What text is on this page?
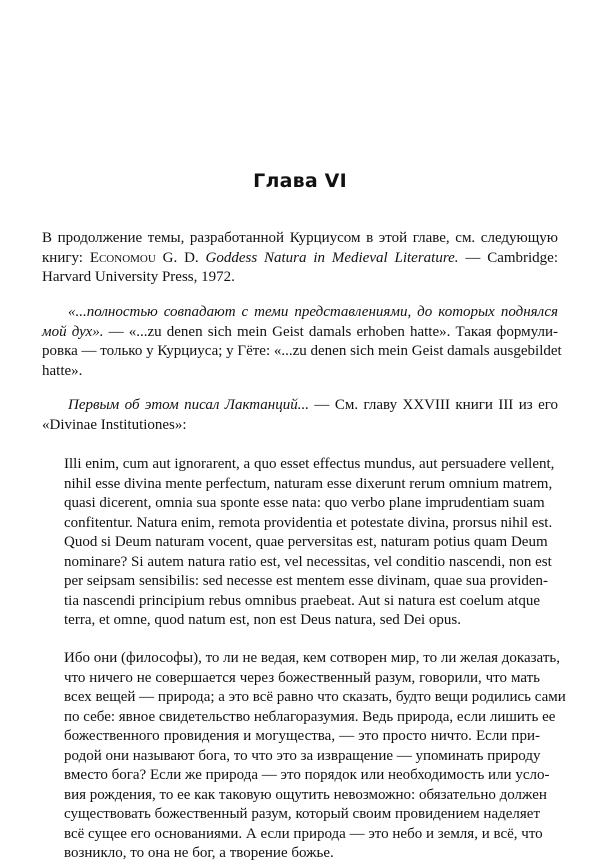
Глава VI
В продолжение темы, разработанной Курциусом в этой главе, см. следующую
книгу: Economou G. D. Goddess Natura in Medieval Literature. — Cambridge:
Harvard University Press, 1972.
«...полностью совпадают с теми представлениями, до которых поднялся
мой дух». — «...zu denen sich mein Geist damals erhoben hatte». Такая формули-
ровка — только у Курциуса; у Гёте: «...zu denen sich mein Geist damals ausgebildet
hatte».
Первым об этом писал Лактанций... — См. главу XXVIII книги III из его
«Divinae Institutiones»:
Illi enim, cum aut ignorarent, a quo esset effectus mundus, aut persuadere vellent,
nihil esse divina mente perfectum, naturam esse dixerunt rerum omnium matrem,
quasi dicerent, omnia sua sponte esse nata: quo verbo plane imprudentiam suam
confitentur. Natura enim, remota providentia et potestate divina, prorsus nihil est.
Quod si Deum naturam vocent, quae perversitas est, naturam potius quam Deum
nominare? Si autem natura ratio est, vel necessitas, vel conditio nascendi, non est
per seipsam sensibilis: sed necesse est mentem esse divinam, quae sua providen-
tia nascendi principium rebus omnibus praebeat. Aut si natura est coelum atque
terra, et omne, quod natum est, non est Deus natura, sed Dei opus.
Ибо они (философы), то ли не ведая, кем сотворен мир, то ли желая доказать,
что ничего не совершается через божественный разум, говорили, что мать
всех вещей — природа; а это всё равно что сказать, будто вещи родились сами
по себе: явное свидетельство неблагоразумия. Ведь природа, если лишить ее
божественного провидения и могущества, — это просто ничто. Если при-
родой они называют бога, то что это за извращение — упоминать природу
вместо бога? Если же природа — это порядок или необходимость или усло-
вия рождения, то ее как таковую ощутить невозможно: обязательно должен
существовать божественный разум, который своим провидением наделяет
всё сущее его основаниями. А если природа — это небо и земля, и всё, что
возникло, то она не бог, а творение божье.
